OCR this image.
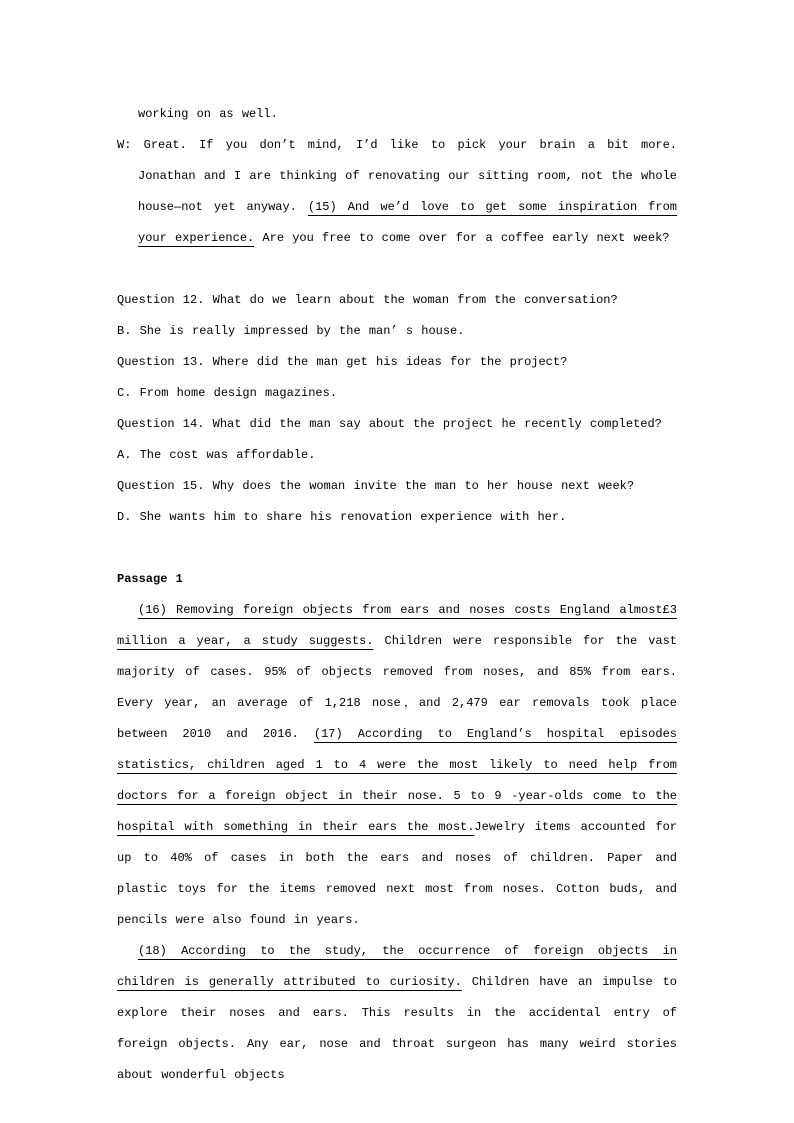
working on as well.
W: Great. If you don’t mind, I’d like to pick your brain a bit more. Jonathan and I are thinking of renovating our sitting room, not the whole house—not yet anyway. (15) And we’d love to get some inspiration from your experience. Are you free to come over for a coffee early next week?
Question 12. What do we learn about the woman from the conversation?
B. She is really impressed by the man’ s house.
Question 13. Where did the man get his ideas for the project?
C. From home design magazines.
Question 14. What did the man say about the project he recently completed?
A. The cost was affordable.
Question 15. Why does the woman invite the man to her house next week?
D. She wants him to share his renovation experience with her.
Passage 1
(16) Removing foreign objects from ears and noses costs England almost£3 million a year, a study suggests. Children were responsible for the vast majority of cases. 95% of objects removed from noses, and 85% from ears. Every year, an average of 1,218 nose，and 2,479 ear removals took place between 2010 and 2016. (17) According to England’s hospital episodes statistics, children aged 1 to 4 were the most likely to need help from doctors for a foreign object in their nose. 5 to 9 -year-olds come to the hospital with something in their ears the most.Jewelry items accounted for up to 40% of cases in both the ears and noses of children. Paper and plastic toys for the items removed next most from noses. Cotton buds, and pencils were also found in years.
(18) According to the study, the occurrence of foreign objects in children is generally attributed to curiosity. Children have an impulse to explore their noses and ears. This results in the accidental entry of foreign objects. Any ear, nose and throat surgeon has many weird stories about wonderful objects
